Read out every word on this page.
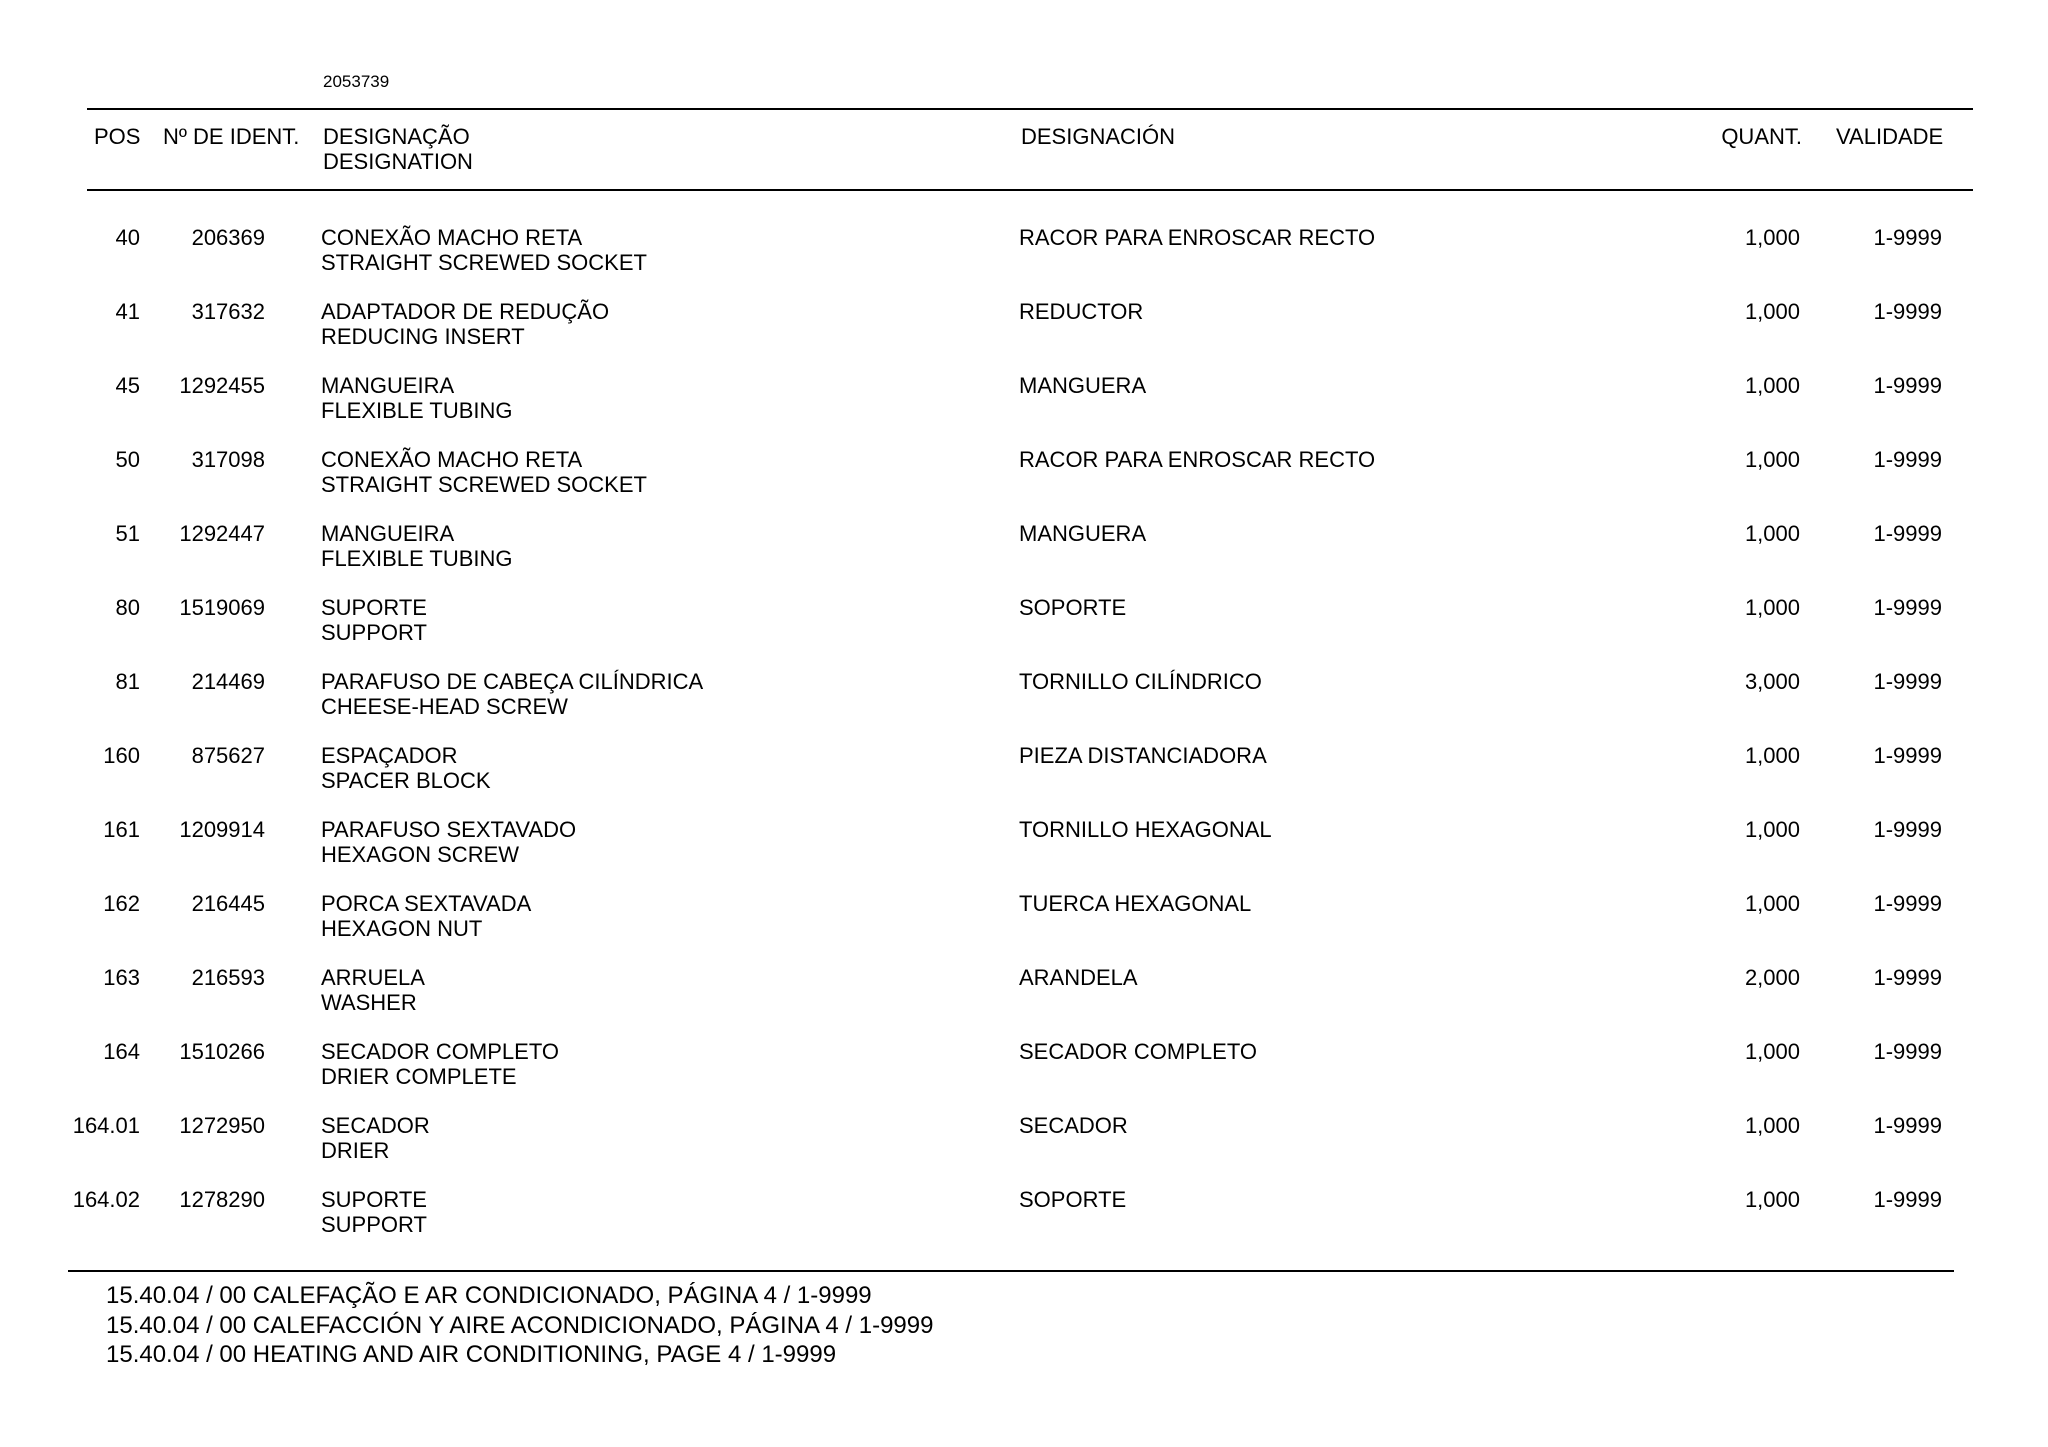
2053739
POS Nº DE IDENT. DESIGNAÇÃO
DESIGNATION
DESIGNACIÓN	QUANT. VALIDADE
40	206369	CONEXÃO MACHO RETA
STRAIGHT SCREWED SOCKET
RACOR PARA ENROSCAR RECTO	1,000	1-9999
41	317632	ADAPTADOR DE REDUÇÃO
REDUCING INSERT
REDUCTOR	1,000	1-9999
45	1292455	MANGUEIRA
FLEXIBLE TUBING
MANGUERA	1,000	1-9999
50	317098	CONEXÃO MACHO RETA
STRAIGHT SCREWED SOCKET
RACOR PARA ENROSCAR RECTO	1,000	1-9999
51	1292447	MANGUEIRA
FLEXIBLE TUBING
MANGUERA	1,000	1-9999
80	1519069	SUPORTE
SUPPORT
SOPORTE	1,000	1-9999
81	214469	PARAFUSO DE CABEÇA CILÍNDRICA
CHEESE-HEAD SCREW
TORNILLO CILÍNDRICO	3,000	1-9999
160	875627	ESPAÇADOR
SPACER BLOCK
PIEZA DISTANCIADORA	1,000	1-9999
161	1209914	PARAFUSO SEXTAVADO
HEXAGON SCREW
TORNILLO HEXAGONAL	1,000	1-9999
162	216445	PORCA SEXTAVADA
HEXAGON NUT
TUERCA HEXAGONAL	1,000	1-9999
163	216593	ARRUELA
WASHER
ARANDELA	2,000	1-9999
164	1510266	SECADOR COMPLETO
DRIER COMPLETE
SECADOR COMPLETO	1,000	1-9999
164.01	1272950	SECADOR
DRIER
SECADOR	1,000	1-9999
164.02	1278290	SUPORTE
SUPPORT
SOPORTE	1,000	1-9999
15.40.04 / 00 CALEFAÇÃO E AR CONDICIONADO, PÁGINA 4 / 1-9999
15.40.04 / 00 CALEFACCIÓN Y AIRE ACONDICIONADO, PÁGINA 4 / 1-9999
15.40.04 / 00 HEATING AND AIR CONDITIONING, PAGE 4 / 1-9999
